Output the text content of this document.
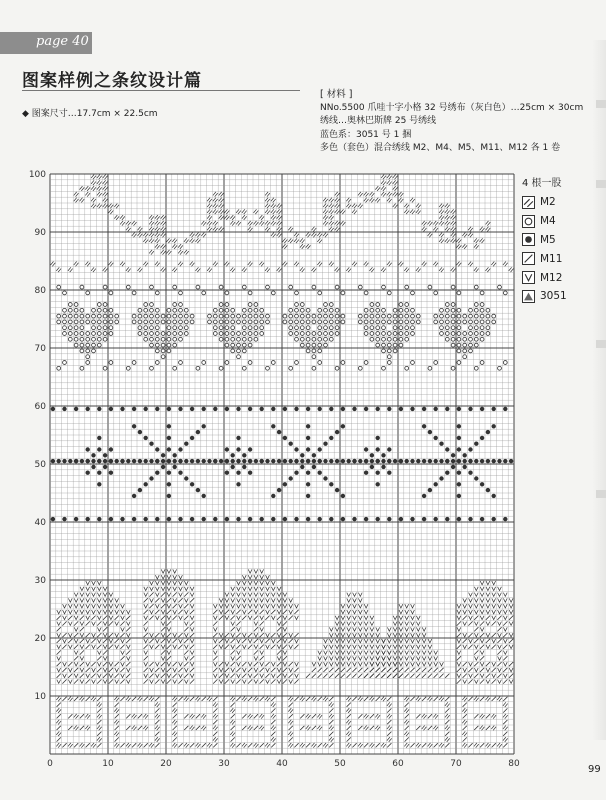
page 40
图案样例之条纹设计篇
◆ 图案尺寸…17.7cm × 22.5cm
[ 材料 ]
NNo.5500 爪哇十字小格 32 号绣布（灰白色）…25cm × 30cm
绣线…奥林巴斯牌 25 号绣线
蓝色系：3051 号 1 捆
多色（套色）混合绣线 M2、M4、M5、M11、M12 各 1 卷
0	10	20	30	40	50	60	70	80
100
90
80
70
60
50
40
30
20
10
4 根一股
M2
M4
M5
M11
M12
3051
99
